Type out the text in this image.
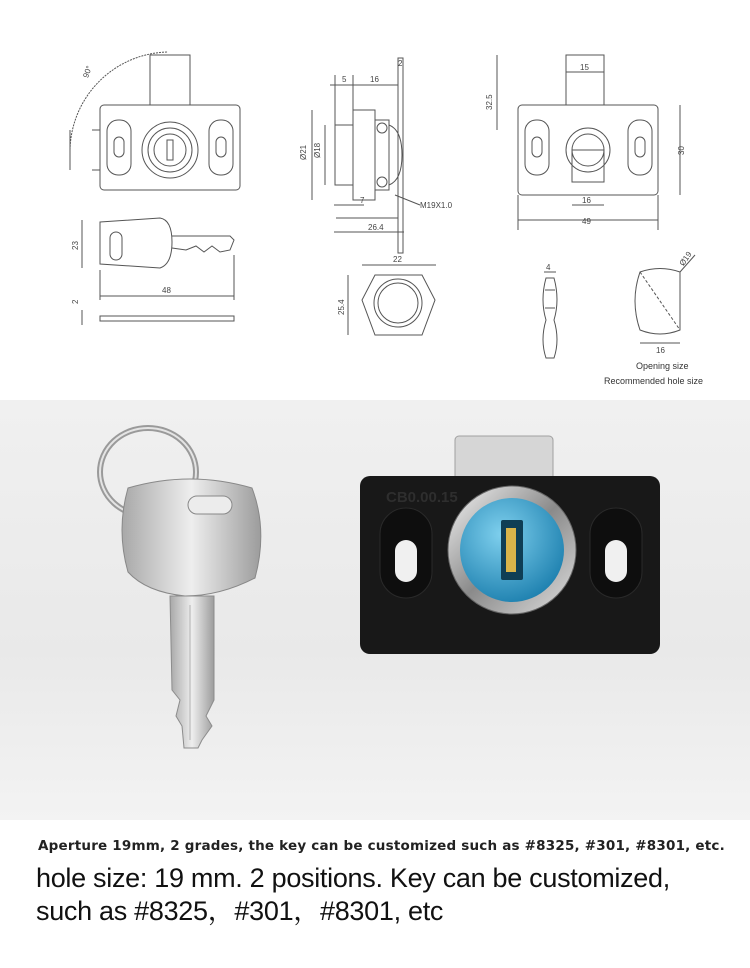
90°
5	16
2
Ø21 Ø18
7
M19X1.0
26.4
15
32.5
30
16
49
23
48
2
22
25.4
4	Ø19
16
Opening size
Recommended hole size
CB0.00.15
Aperture 19mm, 2 grades, the key can be customized such as #8325, #301, #8301, etc.
hole size: 19 mm. 2 positions. Key can be customized, such as #8325，#301，#8301, etc
